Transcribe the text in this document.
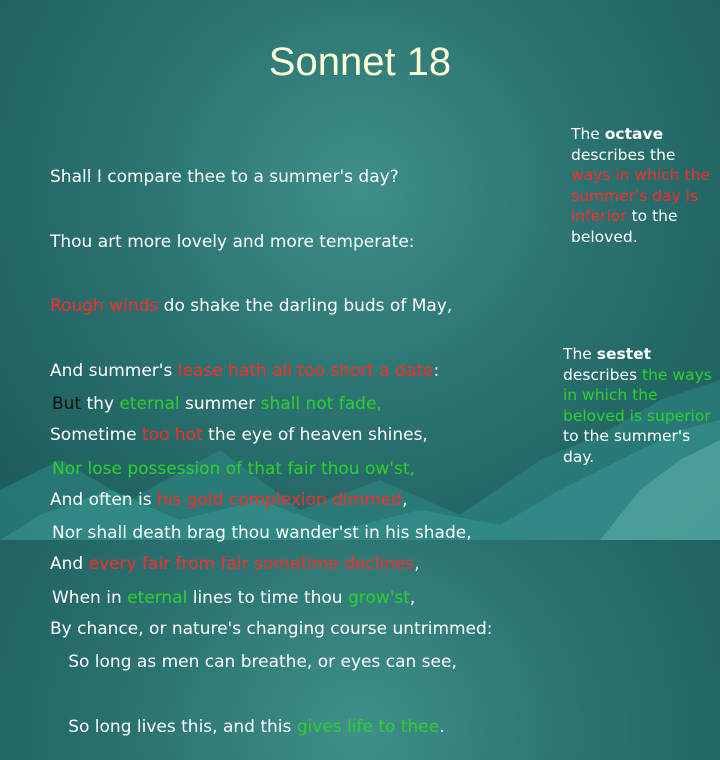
Sonnet 18

Shall I compare thee to a summer's day?

Thou art more lovely and more temperate:

Rough winds do shake the darling buds of May,

And summer's lease hath all too short a date:

Sometime too hot the eye of heaven shines,

And often is his gold complexion dimmed,

And every fair from fair sometime declines,

By chance, or nature's changing course untrimmed:

The octave describes the ways in which the summer's day is inferior to the beloved.

But thy eternal summer shall not fade,

Nor lose possession of that fair thou ow'st,

Nor shall death brag thou wander'st in his shade,

When in eternal lines to time thou grow'st,

So long as men can breathe, or eyes can see,

So long lives this, and this gives life to thee.

The sestet describes the ways in which the beloved is superior to the summer's day.
